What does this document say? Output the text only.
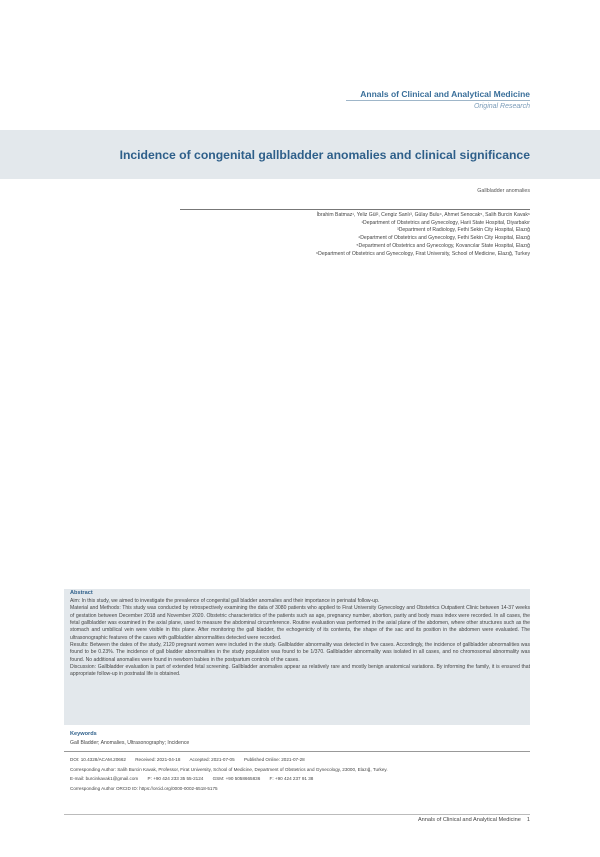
Annals of Clinical and Analytical Medicine
Original Research
Incidence of congenital gallbladder anomalies and clinical significance
Gallbladder anomalies
İbrahim Batmaz¹, Yeliz Gül², Cengiz Sanlı³, Gülay Bulu⁴, Ahmet Senocak⁵, Salih Burcin Kavak⁶
¹Department of Obstetrics and Gynecology, Harii State Hospital, Diyarbakır
³Department of Radiology, Fethi Sekin City Hospital, Elazığ
⁴Department of Obstetrics and Gynecology, Fethi Sekin City Hospital, Elazığ
⁵Department of Obstetrics and Gynecology, Kovancılar State Hospital, Elazığ
⁶Department of Obstetrics and Gynecology, Firat University, School of Medicine, Elazığ, Turkey
Abstract

Aim: In this study, we aimed to investigate the prevalence of congenital gall bladder anomalies and their importance in perinatal follow-up.

Material and Methods: This study was conducted by retrospectively examining the data of 3080 patients who applied to Firat University Gynecology and Obstetrics Outpatient Clinic between 14-37 weeks of gestation between December 2018 and November 2020. Obstetric characteristics of the patients such as age, pregnancy number, abortion, parity and body mass index were recorded. In all cases, the fetal gallbladder was examined in the axial plane, used to measure the abdominal circumference. Routine evaluation was performed in the axial plane of the abdomen, where other structures such as the stomach and umbilical vein were visible in this plane. After monitoring the gall bladder, the echogenicity of its contents, the shape of the sac and its position in the abdomen were evaluated. The ultrasonographic features of the cases with gallbladder abnormalities detected were recorded.

Results: Between the dates of the study, 2120 pregnant women were included in the study. Gallbladder abnormality was detected in five cases. Accordingly, the incidence of gallbladder abnormalities was found to be 0.23%. The incidence of gall bladder abnormalities in the study population was found to be 1/370. Gallbladder abnormality was isolated in all cases, and no chromosomal abnormality was found. No additional anomalies were found in newborn babies in the postpartum controls of the cases.

Discussion: Gallbladder evaluation is part of extended fetal screening. Gallbladder anomalies appear as relatively rare and mostly benign anatomical variations. By informing the family, it is ensured that appropriate follow-up in postnatal life is obtained.

Keywords
Gall Bladder; Anomalies, Ultrasonography; Incidence
DOI: 10.4328/ACAM.20662 Received: 2021-04-18 Accepted: 2021-07-05 Published Online: 2021-07-28
Corresponding Author: Salih Burcin Kavak, Professor, Firat University, School of Medicine, Department of Obstetrics and Gynecology, 23000, Elazığ, Turkey.
E-mail: burcinkavak1@gmail.com P: +90 424 233 35 55-2124 GSM: +90 5058665836 F: +90 424 237 91 38
Corresponding Author ORCID ID: https://orcid.org/0000-0002-6518-5175
Annals of Clinical and Analytical Medicine 1
